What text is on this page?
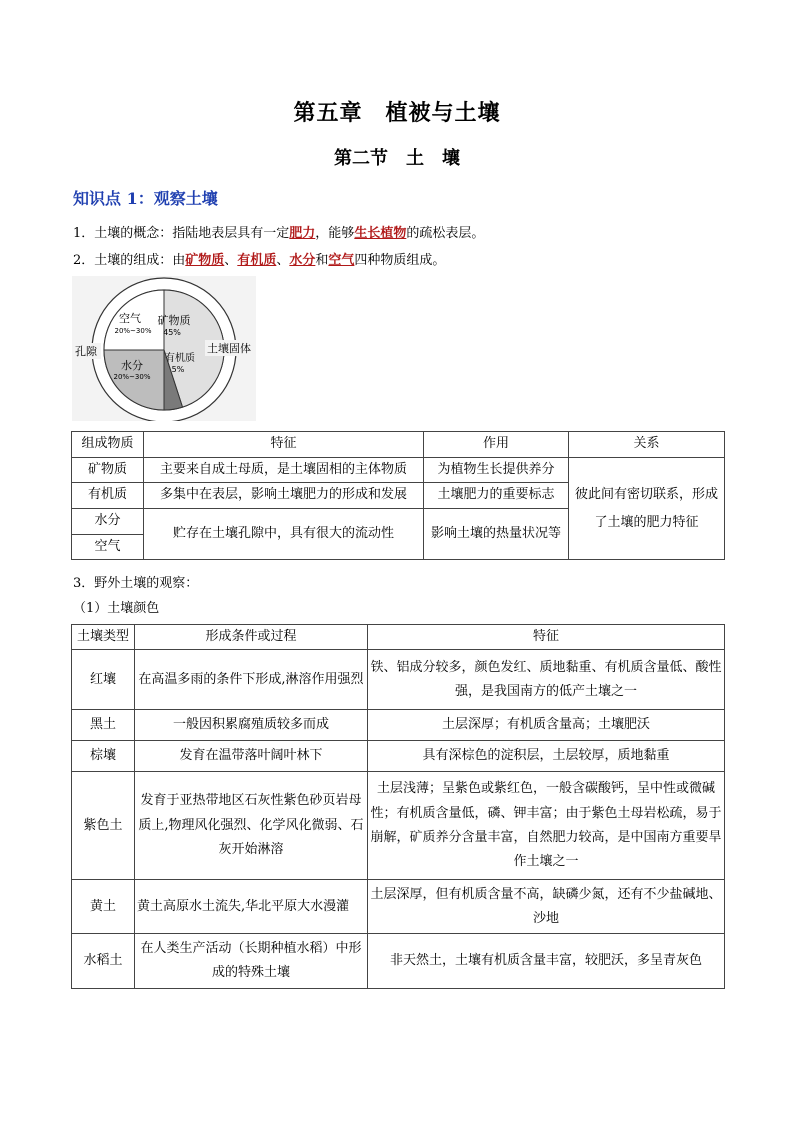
第五章　植被与土壤
第二节　土　壤
知识点 1：观察土壤
1．土壤的概念：指陆地表层具有一定肥力，能够生长植物的疏松表层。
2．土壤的组成：由矿物质、有机质、水分和空气四种物质组成。
孔隙	土壤固体
空气
20%~30%
矿物质
45%
水分
20%~30%
有机质
5%
组成物质	特征	作用	关系
矿物质	主要来自成土母质，是土壤固相的主体物质	为植物生长提供养分	彼此间有密切联系，形成了土壤的肥力特征
有机质	多集中在表层，影响土壤肥力的形成和发展	土壤肥力的重要标志	
水分	贮存在土壤孔隙中，具有很大的流动性	影响土壤的热量状况等	
空气			
3．野外土壤的观察：
（1）土壤颜色
土壤类型	形成条件或过程	特征
红壤	在高温多雨的条件下形成,淋溶作用强烈	铁、铝成分较多，颜色发红、质地黏重、有机质含量低、酸性强，是我国南方的低产土壤之一
黑土	一般因积累腐殖质较多而成	土层深厚；有机质含量高；土壤肥沃
棕壤	发育在温带落叶阔叶林下	具有深棕色的淀积层，土层较厚，质地黏重
紫色土	发育于亚热带地区石灰性紫色砂页岩母质上,物理风化强烈、化学风化微弱、石灰开始淋溶	土层浅薄；呈紫色或紫红色，一般含碳酸钙，呈中性或微碱性；有机质含量低，磷、钾丰富；由于紫色土母岩松疏，易于崩解，矿质养分含量丰富，自然肥力较高，是中国南方重要旱作土壤之一
黄土	黄土高原水土流失,华北平原大水漫灌	土层深厚，但有机质含量不高，缺磷少氮，还有不少盐碱地、沙地
水稻土	在人类生产活动（长期种植水稻）中形成的特殊土壤	非天然土，土壤有机质含量丰富，较肥沃，多呈青灰色
